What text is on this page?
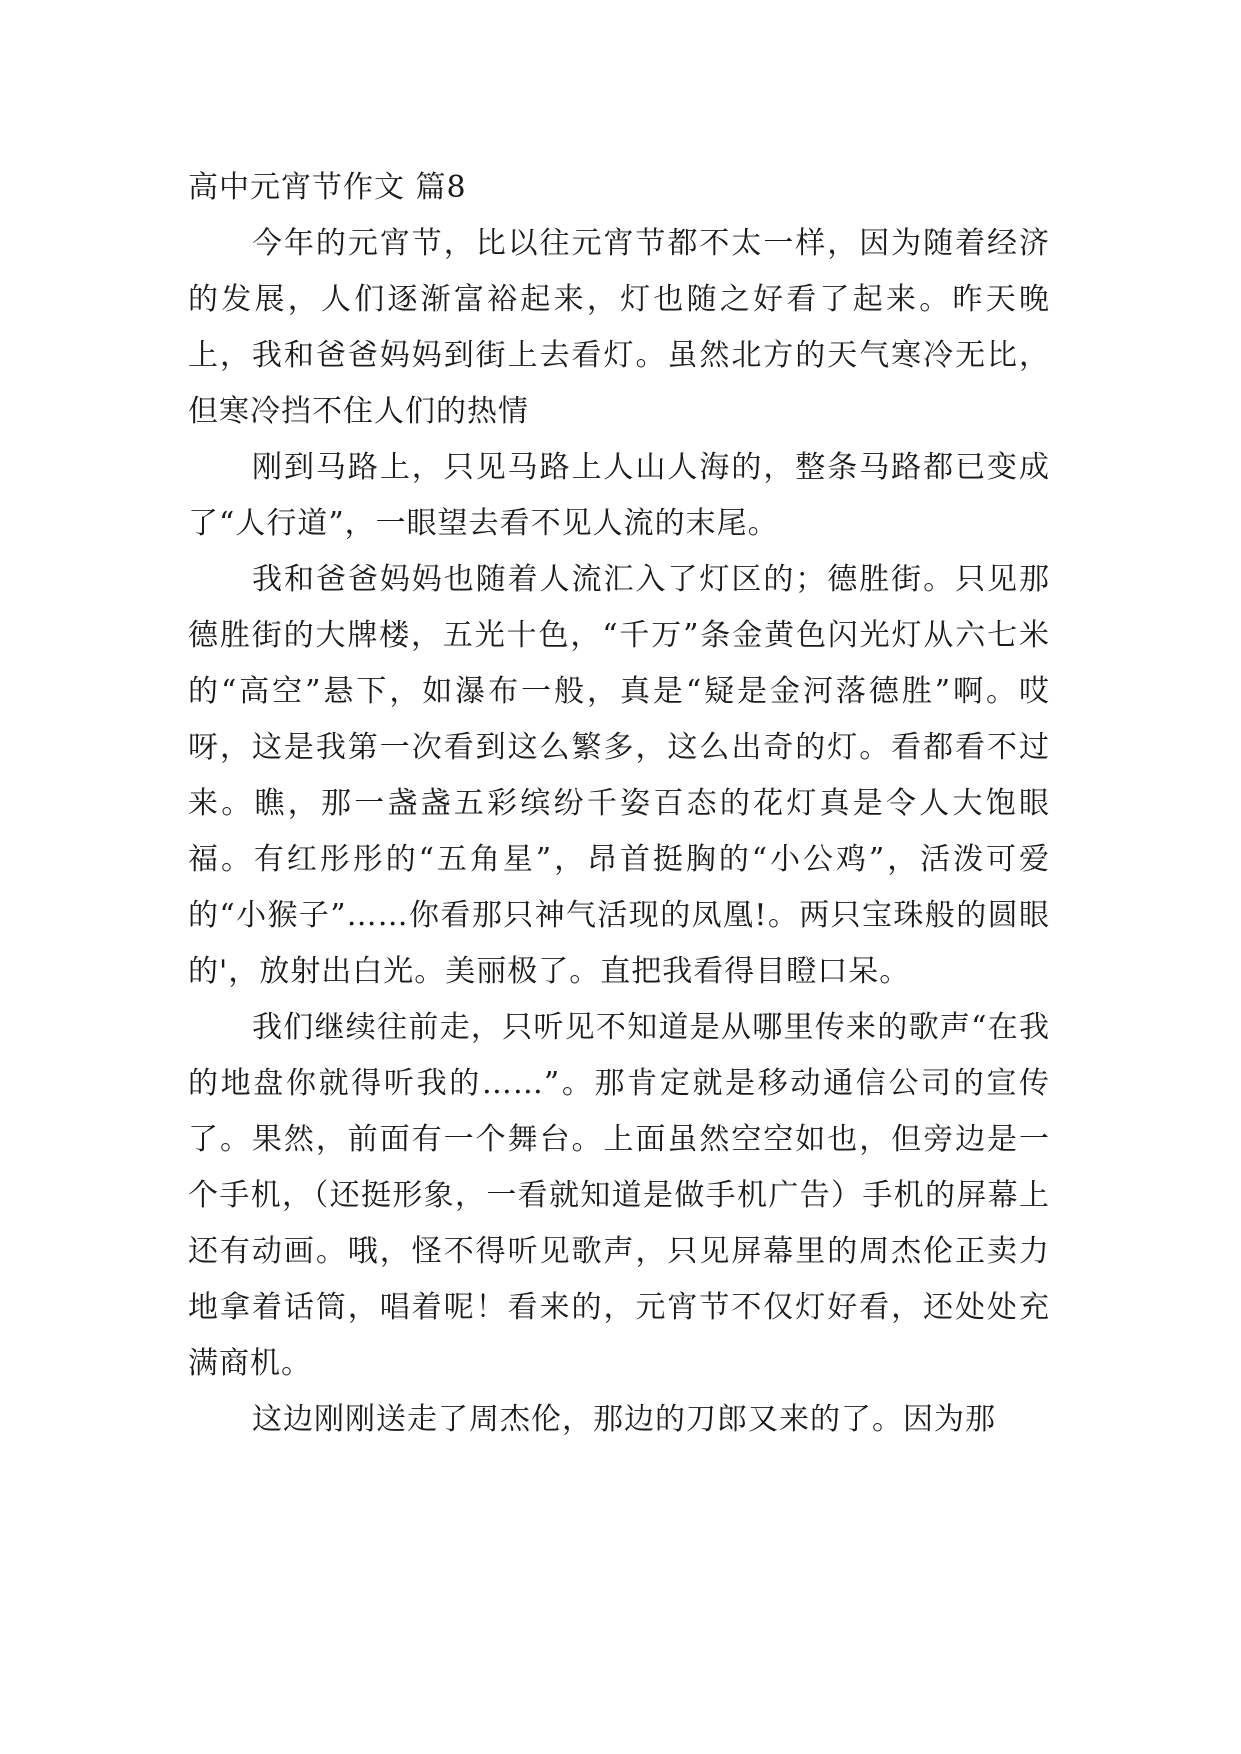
高中元宵节作文 篇8

今年的元宵节，比以往元宵节都不太一样，因为随着经济的发展，人们逐渐富裕起来，灯也随之好看了起来。昨天晚上，我和爸爸妈妈到街上去看灯。虽然北方的天气寒冷无比，但寒冷挡不住人们的热情

刚到马路上，只见马路上人山人海的，整条马路都已变成了“人行道”，一眼望去看不见人流的末尾。

我和爸爸妈妈也随着人流汇入了灯区的；德胜街。只见那德胜街的大牌楼，五光十色，“千万”条金黄色闪光灯从六七米的“高空”悬下，如瀑布一般，真是“疑是金河落德胜”啊。哎呀，这是我第一次看到这么繁多，这么出奇的灯。看都看不过来。瞧，那一盏盏五彩缤纷千姿百态的花灯真是令人大饱眼福。有红彤彤的“五角星”，昂首挺胸的“小公鸡”，活泼可爱的“小猴子”……你看那只神气活现的凤凰!。两只宝珠般的圆眼的'，放射出白光。美丽极了。直把我看得目瞪口呆。

我们继续往前走，只听见不知道是从哪里传来的歌声“在我的地盘你就得听我的……”。那肯定就是移动通信公司的宣传了。果然，前面有一个舞台。上面虽然空空如也，但旁边是一个手机，（还挺形象，一看就知道是做手机广告）手机的屏幕上还有动画。哦，怪不得听见歌声，只见屏幕里的周杰伦正卖力地拿着话筒，唱着呢！看来的，元宵节不仅灯好看，还处处充满商机。

这边刚刚送走了周杰伦，那边的刀郎又来的了。因为那
